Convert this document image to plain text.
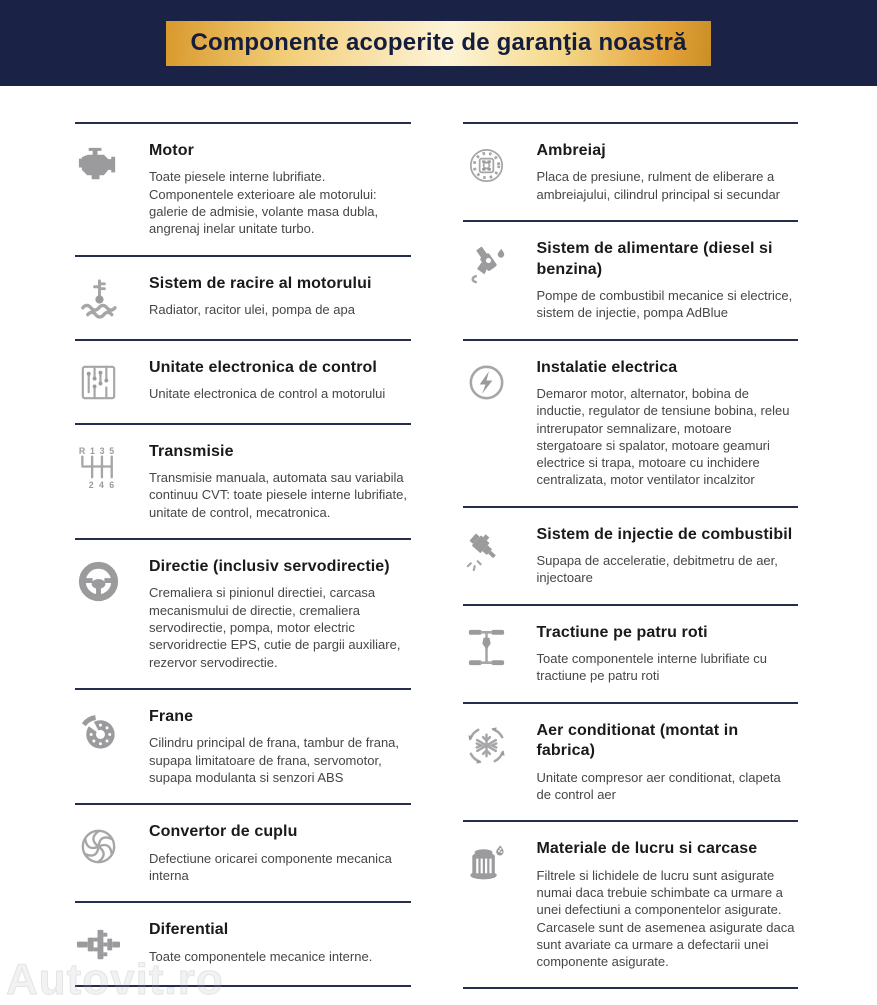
Componente acoperite de garanţia noastră
Motor

Toate piesele interne lubrifiate. Componentele exterioare ale motorului: galerie de admisie, volante masa dubla, angrenaj inelar unitate turbo.

Sistem de racire al motorului

Radiator, racitor ulei, pompa de apa

Unitate electronica de control

Unitate electronica de control a motorului

R 1 3 5
2 4 6
Transmisie

Transmisie manuala, automata sau variabila continuu CVT: toate piesele interne lubrifiate, unitate de control, mecatronica.

Directie (inclusiv servodirectie)

Cremaliera si pinionul directiei, carcasa mecanismului de directie, cremaliera servodirectie, pompa, motor electric servoridrectie EPS, cutie de pargii auxiliare, rezervor servodirectie.

Frane

Cilindru principal de frana, tambur de frana, supapa limitatoare de frana, servomotor, supapa modulanta si senzori ABS

Convertor de cuplu

Defectiune oricarei componente mecanica interna

Diferential

Toate componentele mecanice interne.

Ambreiaj

Placa de presiune, rulment de eliberare a ambreiajului, cilindrul principal si secundar

Sistem de alimentare (diesel si benzina)

Pompe de combustibil mecanice si electrice, sistem de injectie, pompa AdBlue

Instalatie electrica

Demaror motor, alternator, bobina de inductie, regulator de tensiune bobina, releu intrerupator semnalizare, motoare stergatoare si spalator, motoare geamuri electrice si trapa, motoare cu inchidere centralizata, motor ventilator incalzitor

Sistem de injectie de combustibil

Supapa de acceleratie, debitmetru de aer, injectoare

Tractiune pe patru roti

Toate componentele interne lubrifiate cu tractiune pe patru roti

Aer conditionat (montat in fabrica)

Unitate compresor aer conditionat, clapeta de control aer

Materiale de lucru si carcase

Filtrele si lichidele de lucru sunt asigurate numai daca trebuie schimbate ca urmare a unei defectiuni a componentelor asigurate. Carcasele sunt de asemenea asigurate daca sunt avariate ca urmare a defectarii unei componente asigurate.

Autovit.ro
